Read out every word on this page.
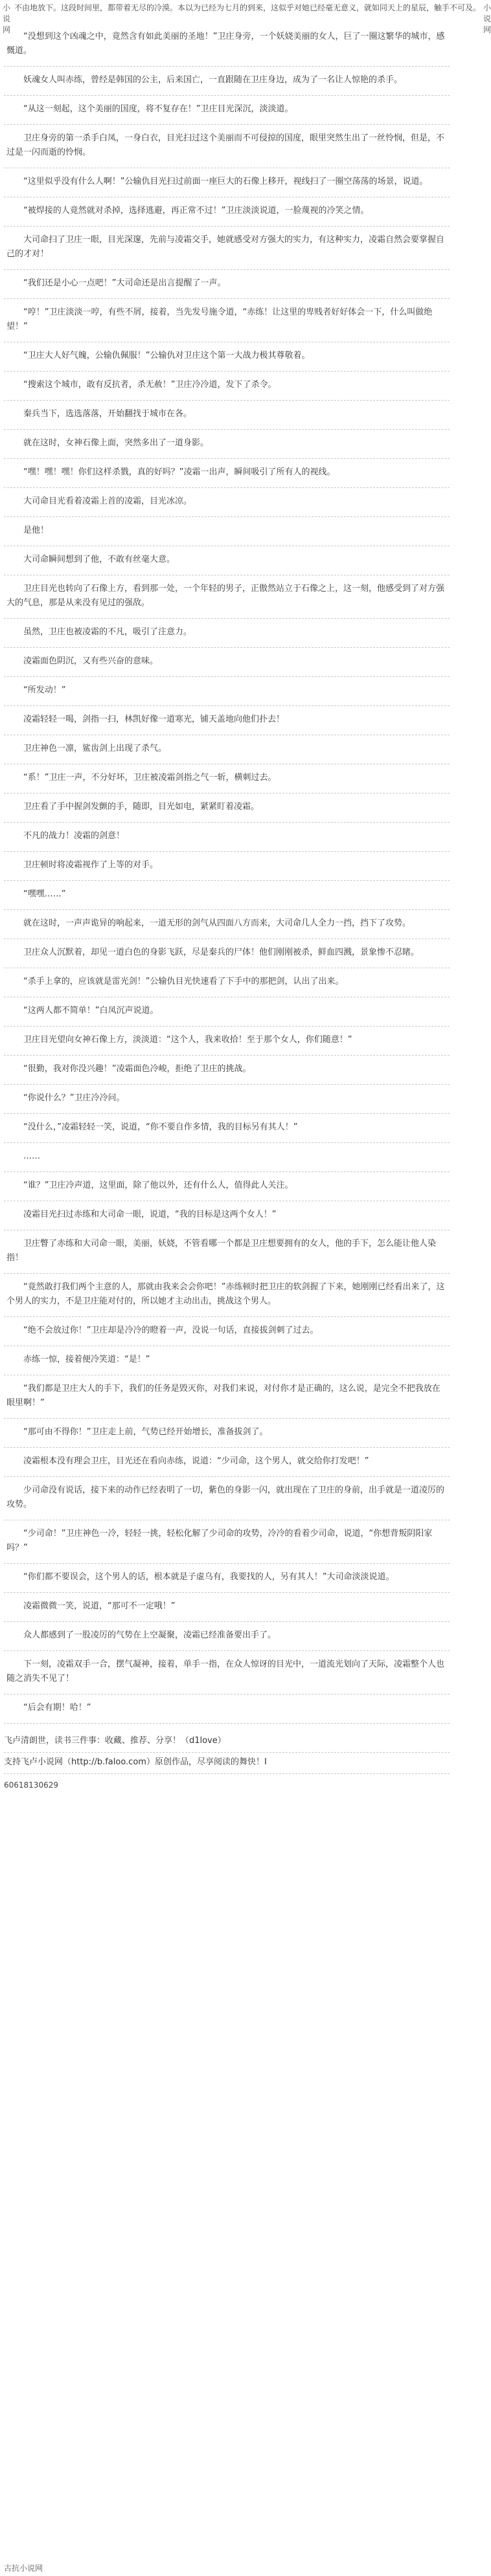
小说网
不由地放下。这段时间里，都带着无尽的冷漠。本以为已经为七月的到来，这似乎对她已经毫无意义，就如同天上的星辰，触手不可及。 小说网

“没想到这个凶魂之中，竟然含有如此美丽的圣地！”卫庄身旁，一个妖娆美丽的女人，巨了一圈这繁华的城市，感慨道。

妖魂女人叫赤练，曾经是韩国的公主，后来国亡，一直跟随在卫庄身边，成为了一名让人惊艳的杀手。

“从这一刻起，这个美丽的国度，将不复存在！”卫庄目光深沉，淡淡道。

卫庄身旁的第一杀手白凤，一身白衣，目光扫过这个美丽而不可侵掠的国度，眼里突然生出了一丝怜悯，但是，不过是一闪而逝的怜悯。

“这里似乎没有什么人啊！”公输仇目光扫过前面一座巨大的石像上移开，视线扫了一圈空荡荡的场景，说道。

“被焊接的人竟然就对杀掉，选择逃避，再正常不过！”卫庄淡淡说道，一脸蔑视的冷笑之情。

大司命扫了卫庄一眼，目光深邃，先前与凌霜交手，她就感受对方强大的实力，有这种实力，凌霜自然会要掌握自己的才对！

“我们还是小心一点吧！”大司命还是出言提醒了一声。

“哼！”卫庄淡淡一哼，有些不屑，接着，当先发号施令道，“赤练！让这里的卑贱者好好体会一下，什么叫做绝望！”

“卫庄大人好气魄，公输仇佩服！”公输仇对卫庄这个第一大战力极其尊敬着。

“搜索这个城市，敢有反抗者，杀无赦！”卫庄冷冷道，发下了杀令。

秦兵当下，选选落落，开始翻找于城市在各。

就在这时，女神石像上面，突然多出了一道身影。

“嘿！嘿！嘿！你们这样杀戮，真的好吗？”凌霜一出声，瞬间吸引了所有人的视线。

大司命目光看着凌霜上首的凌霜，目光冰凉。

是他！

大司命瞬间想到了他，不敢有丝毫大意。

卫庄目光也转向了石像上方，看到那一处，一个年轻的男子，正傲然站立于石像之上，这一刻，他感受到了对方强大的气息，那是从来没有见过的强敌。

虽然，卫庄也被凌霜的不凡，吸引了注意力。

凌霜面色阴沉，又有些兴奋的意味。

“所发动！”

凌霜轻轻一喝，剑指一扫，林凯好像一道寒光，铺天盖地向他们扑去！

卫庄神色一凛，鲨齿剑上出现了杀气。

“系！”卫庄一声，不分好坏，卫庄被凌霜剑指之气一斩，横刺过去。

卫庄看了手中握剑发颤的手，随即，目光如电，紧紧盯着凌霜。

不凡的战力！凌霜的剑意！

卫庄顿时将凌霜视作了上等的对手。

“嘿嘿……”

就在这时，一声声诡异的响起来，一道无形的剑气从四面八方而来，大司命几人全力一挡，挡下了攻势。

卫庄众人沉默着，却见一道白色的身影飞跃，尽是秦兵的尸体！他们刚刚被杀，鲜血四溅，景象惨不忍睹。

“杀手上拿的，应该就是雷光剑！”公输仇目光快速看了下手中的那把剑，认出了出来。

“这两人都不简单！”白凤沉声说道。

卫庄目光望向女神石像上方，淡淡道：“这个人，我来收拾！至于那个女人，你们随意！”

“很勤，我对你没兴趣！”凌霜面色冷峻，拒绝了卫庄的挑战。

“你说什么？”卫庄冷冷问。

“没什么，”凌霜轻轻一笑，说道，“你不要自作多情，我的目标另有其人！”

……

“谁？”卫庄冷声道，这里面，除了他以外，还有什么人，值得此人关注。

凌霜目光扫过赤练和大司命一眼，说道，“我的目标是这两个女人！”

卫庄瞥了赤练和大司命一眼，美丽，妖娆，不管看哪一个都是卫庄想要拥有的女人，他的手下，怎么能让他人染指！

“竟然敢打我们两个主意的人，那就由我来会会你吧！”赤练顿时把卫庄的软剑握了下来，她刚刚已经看出来了，这个男人的实力，不是卫庄能对付的，所以她才主动出击，挑战这个男人。

“绝不会放过你！”卫庄却是冷冷的瞪着一声，没说一句话，直接拔剑刺了过去。

赤练一惊，接着便冷笑道：“是！”

“我们都是卫庄大人的手下，我们的任务是毁灭你，对我们来说，对付你才是正确的，这么说，是完全不把我放在眼里啊！”

“那可由不得你！”卫庄走上前，气势已经开始增长，准备拔剑了。

凌霜根本没有理会卫庄，目光还在看向赤练，说道：“少司命，这个男人，就交给你打发吧！”

少司命没有说话，接下来的动作已经表明了一切，紫色的身影一闪，就出现在了卫庄的身前，出手就是一道凌厉的攻势。

“少司命！”卫庄神色一冷，轻轻一挑，轻松化解了少司命的攻势，冷冷的看着少司命，说道，“你想背叛阴阳家吗？”

“你们都不要误会，这个男人的话，根本就是子虚乌有，我要找的人，另有其人！”大司命淡淡说道。

凌霜微微一笑，说道，“那可不一定哦！”

众人都感到了一股凌厉的气势在上空凝聚，凌霜已经准备要出手了。

下一刻，凌霜双手一合，摆气凝神，接着，单手一指，在众人惊讶的目光中，一道流光划向了天际，凌霜整个人也随之消失不见了！

“后会有期！哈！”

飞卢清朗世，读书三件事：收藏、推荐、分享！（d1love）
支持飞卢小说网（http://b.faloo.com）原创作品，尽享阅读的舞快！Ⅰ
60618130629
古抗小说网
